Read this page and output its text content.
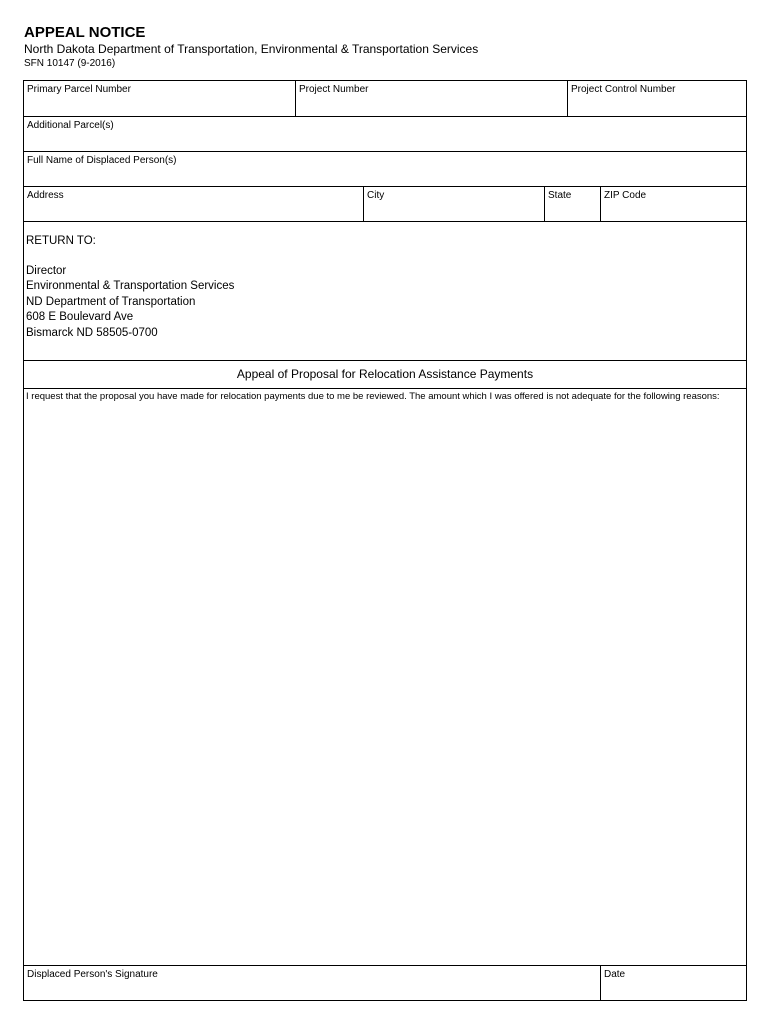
APPEAL NOTICE
North Dakota Department of Transportation, Environmental & Transportation Services
SFN 10147 (9-2016)
Primary Parcel Number	Project Number	Project Control Number
Additional Parcel(s)
Full Name of Displaced Person(s)
Address	City	State	ZIP Code
RETURN TO:
Director
Environmental & Transportation Services
ND Department of Transportation
608 E Boulevard Ave
Bismarck ND 58505-0700
Appeal of Proposal for Relocation Assistance Payments
I request that the proposal you have made for relocation payments due to me be reviewed. The amount which I was offered is not adequate for the following reasons:
Displaced Person's Signature	Date
